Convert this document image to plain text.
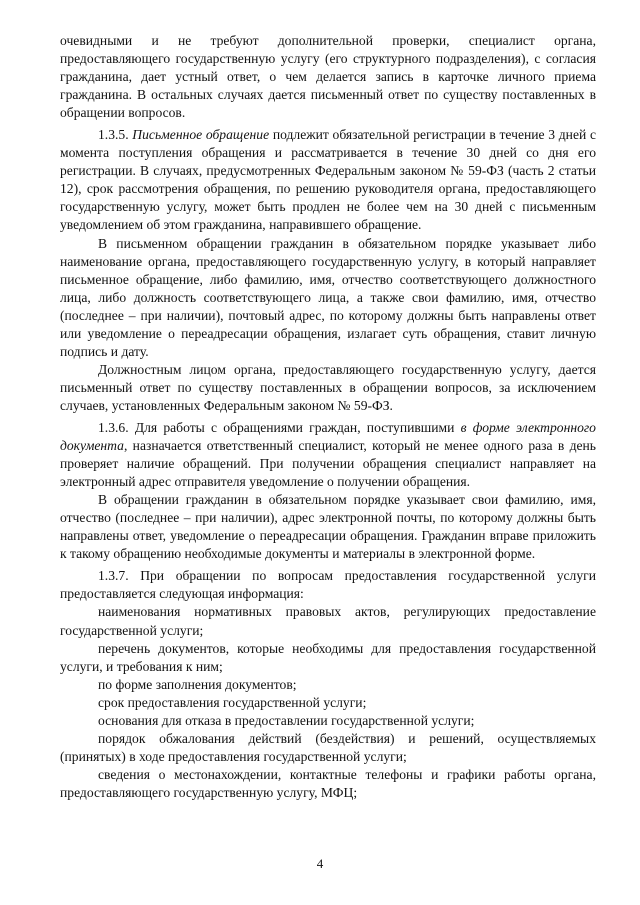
очевидными и не требуют дополнительной проверки, специалист органа, предоставляющего государственную услугу (его структурного подразделения), с согласия гражданина, дает устный ответ, о чем делается запись в карточке личного приема гражданина. В остальных случаях дается письменный ответ по существу поставленных в обращении вопросов.

1.3.5. Письменное обращение подлежит обязательной регистрации в течение 3 дней с момента поступления обращения и рассматривается в течение 30 дней со дня его регистрации. В случаях, предусмотренных Федеральным законом № 59-ФЗ (часть 2 статьи 12), срок рассмотрения обращения, по решению руководителя органа, предоставляющего государственную услугу, может быть продлен не более чем на 30 дней с письменным уведомлением об этом гражданина, направившего обращение.

В письменном обращении гражданин в обязательном порядке указывает либо наименование органа, предоставляющего государственную услугу, в который направляет письменное обращение, либо фамилию, имя, отчество соответствующего должностного лица, либо должность соответствующего лица, а также свои фамилию, имя, отчество (последнее – при наличии), почтовый адрес, по которому должны быть направлены ответ или уведомление о переадресации обращения, излагает суть обращения, ставит личную подпись и дату.

Должностным лицом органа, предоставляющего государственную услугу, дается письменный ответ по существу поставленных в обращении вопросов, за исключением случаев, установленных Федеральным законом № 59-ФЗ.

1.3.6. Для работы с обращениями граждан, поступившими в форме электронного документа, назначается ответственный специалист, который не менее одного раза в день проверяет наличие обращений. При получении обращения специалист направляет на электронный адрес отправителя уведомление о получении обращения.

В обращении гражданин в обязательном порядке указывает свои фамилию, имя, отчество (последнее – при наличии), адрес электронной почты, по которому должны быть направлены ответ, уведомление о переадресации обращения. Гражданин вправе приложить к такому обращению необходимые документы и материалы в электронной форме.

1.3.7. При обращении по вопросам предоставления государственной услуги предоставляется следующая информация:

наименования нормативных правовых актов, регулирующих предоставление государственной услуги;

перечень документов, которые необходимы для предоставления государственной услуги, и требования к ним;

по форме заполнения документов;

срок предоставления государственной услуги;

основания для отказа в предоставлении государственной услуги;

порядок обжалования действий (бездействия) и решений, осуществляемых (принятых) в ходе предоставления государственной услуги;

сведения о местонахождении, контактные телефоны и графики работы органа, предоставляющего государственную услугу, МФЦ;

4
